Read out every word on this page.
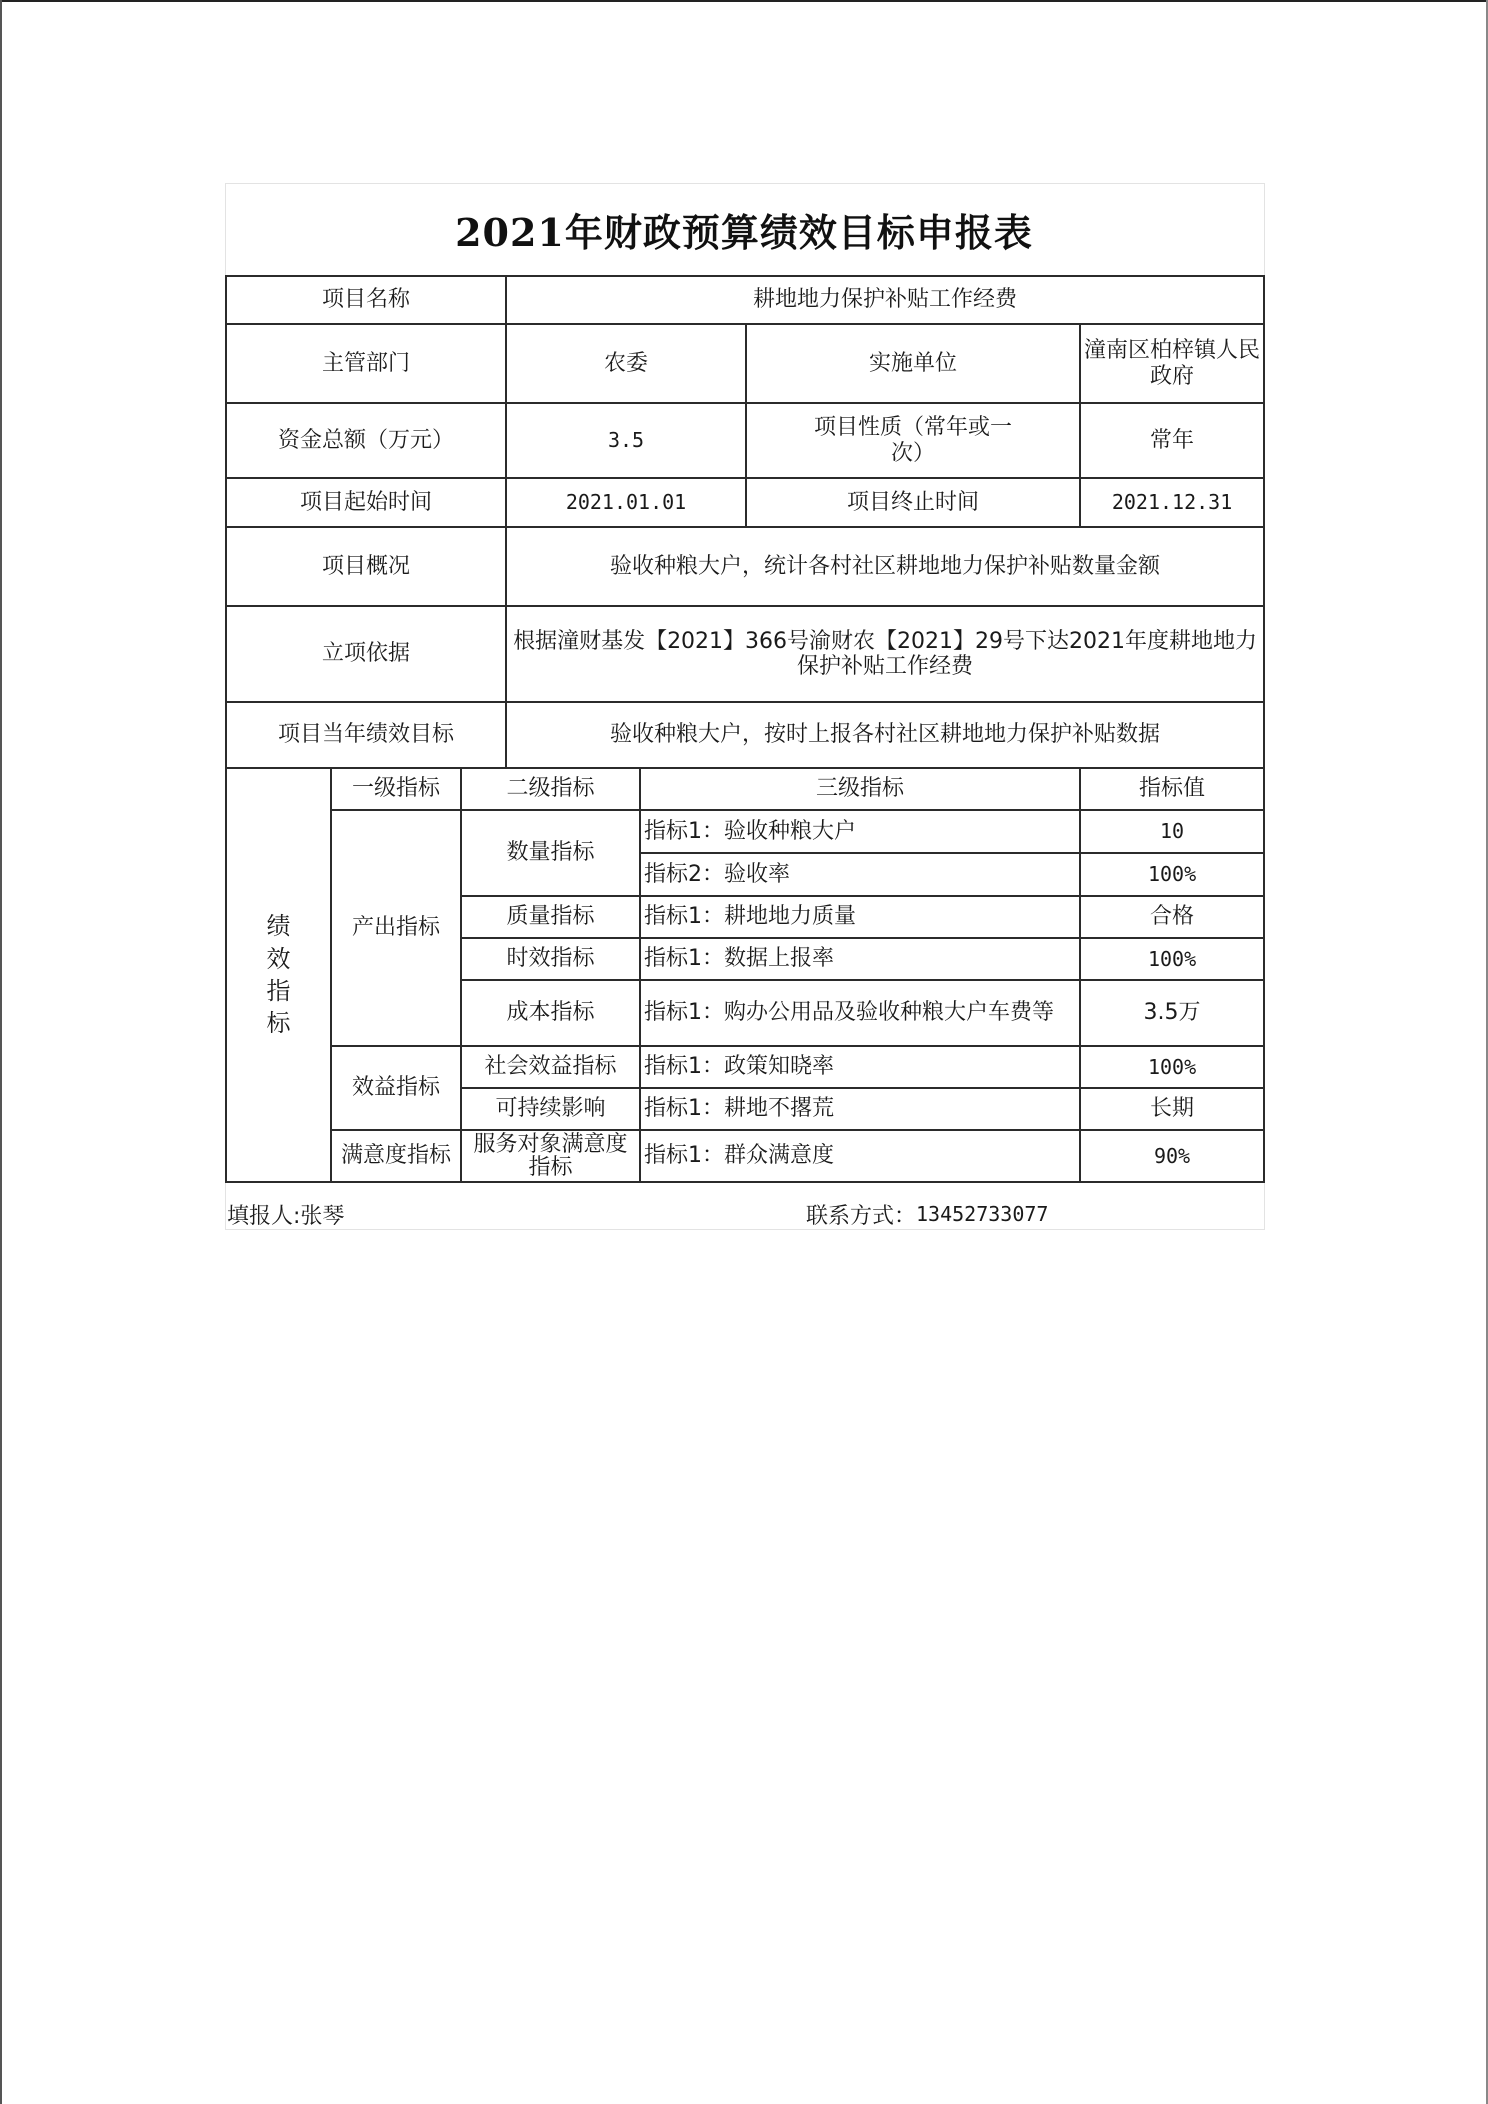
2021年财政预算绩效目标申报表
项目名称			耕地地力保护补贴工作经费			
主管部门			农委		实施单位	潼南区柏梓镇人民政府
资金总额（万元）			3.5		项目性质（常年或一次）	常年
项目起始时间			2021.01.01		项目终止时间	2021.12.31
项目概况			验收种粮大户，统计各村社区耕地地力保护补贴数量金额			
立项依据			根据潼财基发【2021】366号渝财农【2021】29号下达2021年度耕地地力保护补贴工作经费			
项目当年绩效目标			验收种粮大户，按时上报各村社区耕地地力保护补贴数据			

绩效指标	一级指标	二级指标		三级指标		指标值
	产出指标	数量指标		指标1：验收种粮大户		10
				指标2：验收率		100%
		质量指标		指标1：耕地地力质量		合格
		时效指标		指标1：数据上报率		100%
		成本指标		指标1：购办公用品及验收种粮大户车费等		3.5万
	效益指标	社会效益指标		指标1：政策知晓率		100%
		可持续影响		指标1：耕地不撂荒		长期
	满意度指标	服务对象满意度指标		指标1：群众满意度		90%
填报人:张琴	联系方式： 13452733077
